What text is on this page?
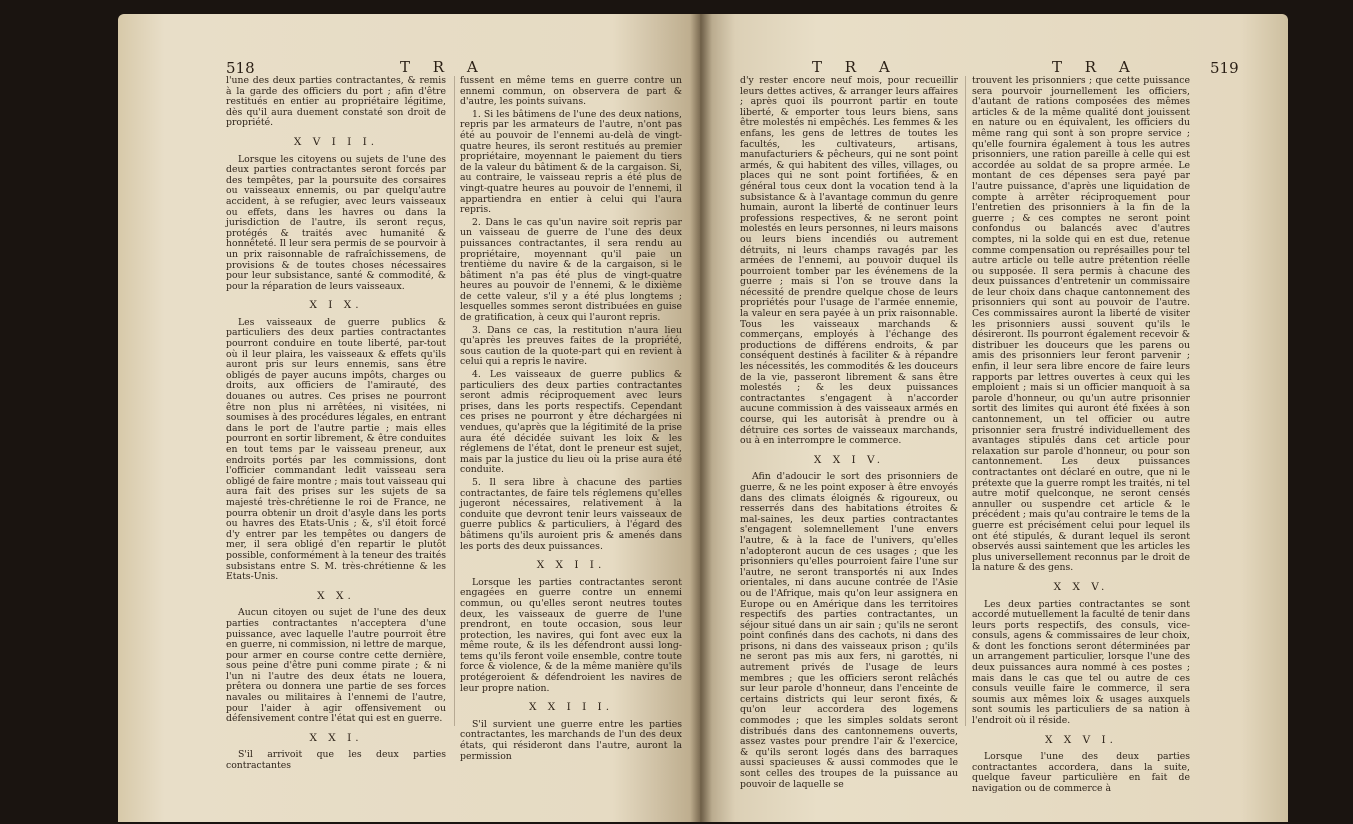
518	T R A

l'une des deux parties contractantes, & remis à la garde des officiers du port ; afin d'être restitués en entier au propriétaire légitime, dès qu'il aura duement constaté son droit de propriété.

X V I I I.

Lorsque les citoyens ou sujets de l'une des deux parties contractantes seront forcés par des tempêtes, par la poursuite des corsaires ou vaisseaux ennemis, ou par quelqu'autre accident, à se refugier, avec leurs vaisseaux ou effets, dans les havres ou dans la jurisdiction de l'autre, ils seront reçus, protégés & traités avec humanité & honnêteté. Il leur sera permis de se pourvoir à un prix raisonnable de rafraîchissemens, de provisions & de toutes choses nécessaires pour leur subsistance, santé & commodité, & pour la réparation de leurs vaisseaux.

X I X.

Les vaisseaux de guerre publics & particuliers des deux parties contractantes pourront conduire en toute liberté, par-tout où il leur plaira, les vaisseaux & effets qu'ils auront pris sur leurs ennemis, sans être obligés de payer aucuns impôts, charges ou droits, aux officiers de l'amirauté, des douanes ou autres. Ces prises ne pourront être non plus ni arrêtées, ni visitées, ni soumises à des procédures légales, en entrant dans le port de l'autre partie ; mais elles pourront en sortir librement, & être conduites en tout tems par le vaisseau preneur, aux endroits portés par les commissions, dont l'officier commandant ledit vaisseau sera obligé de faire montre ; mais tout vaisseau qui aura fait des prises sur les sujets de sa majesté très-chrétienne le roi de France, ne pourra obtenir un droit d'asyle dans les ports ou havres des Etats-Unis ; &, s'il étoit forcé d'y entrer par les tempêtes ou dangers de mer, il sera obligé d'en repartir le plutôt possible, conformément à la teneur des traités subsistans entre S. M. très-chrétienne & les Etats-Unis.

X X.

Aucun citoyen ou sujet de l'une des deux parties contractantes n'acceptera d'une puissance, avec laquelle l'autre pourroit être en guerre, ni commission, ni lettre de marque, pour armer en course contre cette dernière, sous peine d'être puni comme pirate ; & ni l'un ni l'autre des deux états ne louera, prêtera ou donnera une partie de ses forces navales ou militaires à l'ennemi de l'autre, pour l'aider à agir offensivement ou défensivement contre l'état qui est en guerre.

X X I.

S'il arrivoit que les deux parties contractantes

fussent en même tems en guerre contre un ennemi commun, on observera de part & d'autre, les points suivans.

1. Si les bâtimens de l'une des deux nations, repris par les armateurs de l'autre, n'ont pas été au pouvoir de l'ennemi au-delà de vingt-quatre heures, ils seront restitués au premier propriétaire, moyennant le paiement du tiers de la valeur du bâtiment & de la cargaison. Si, au contraire, le vaisseau repris a été plus de vingt-quatre heures au pouvoir de l'ennemi, il appartiendra en entier à celui qui l'aura repris.

2. Dans le cas qu'un navire soit repris par un vaisseau de guerre de l'une des deux puissances contractantes, il sera rendu au propriétaire, moyennant qu'il paie un trentième du navire & de la cargaison, si le bâtiment n'a pas été plus de vingt-quatre heures au pouvoir de l'ennemi, & le dixième de cette valeur, s'il y a été plus longtems ; lesquelles sommes seront distribuées en guise de gratification, à ceux qui l'auront repris.

3. Dans ce cas, la restitution n'aura lieu qu'après les preuves faites de la propriété, sous caution de la quote-part qui en revient à celui qui a repris le navire.

4. Les vaisseaux de guerre publics & particuliers des deux parties contractantes seront admis réciproquement avec leurs prises, dans les ports respectifs. Cependant ces prises ne pourront y être déchargées ni vendues, qu'après que la légitimité de la prise aura été décidée suivant les loix & les réglemens de l'état, dont le preneur est sujet, mais par la justice du lieu où la prise aura été conduite.

5. Il sera libre à chacune des parties contractantes, de faire tels réglemens qu'elles jugeront nécessaires, relativement à la conduite que devront tenir leurs vaisseaux de guerre publics & particuliers, à l'égard des bâtimens qu'ils auroient pris & amenés dans les ports des deux puissances.

X X I I.

Lorsque les parties contractantes seront engagées en guerre contre un ennemi commun, ou qu'elles seront neutres toutes deux, les vaisseaux de guerre de l'une prendront, en toute occasion, sous leur protection, les navires, qui font avec eux la même route, & ils les défendront aussi long-tems qu'ils feront voile ensemble, contre toute force & violence, & de la même manière qu'ils protégeroient & défendroient les navires de leur propre nation.

X X I I I.

S'il survient une guerre entre les parties contractantes, les marchands de l'un des deux états, qui résideront dans l'autre, auront la permission

T R A	T R A	519

d'y rester encore neuf mois, pour recueillir leurs dettes actives, & arranger leurs affaires ; après quoi ils pourront partir en toute liberté, & emporter tous leurs biens, sans être molestés ni empêchés. Les femmes & les enfans, les gens de lettres de toutes les facultés, les cultivateurs, artisans, manufacturiers & pêcheurs, qui ne sont point armés, & qui habitent des villes, villages, ou places qui ne sont point fortifiées, & en général tous ceux dont la vocation tend à la subsistance & à l'avantage commun du genre humain, auront la liberté de continuer leurs professions respectives, & ne seront point molestés en leurs personnes, ni leurs maisons ou leurs biens incendiés ou autrement détruits, ni leurs champs ravagés par les armées de l'ennemi, au pouvoir duquel ils pourroient tomber par les événemens de la guerre ; mais si l'on se trouve dans la nécessité de prendre quelque chose de leurs propriétés pour l'usage de l'armée ennemie, la valeur en sera payée à un prix raisonnable. Tous les vaisseaux marchands & commerçans, employés à l'échange des productions de différens endroits, & par conséquent destinés à faciliter & à répandre les nécessités, les commodités & les douceurs de la vie, passeront librement & sans être molestés ; & les deux puissances contractantes s'engagent à n'accorder aucune commission à des vaisseaux armés en course, qui les autorisât à prendre ou à détruire ces sortes de vaisseaux marchands, ou à en interrompre le commerce.

X X I V.

Afin d'adoucir le sort des prisonniers de guerre, & ne les point exposer à être envoyés dans des climats éloignés & rigoureux, ou resserrés dans des habitations étroites & mal-saines, les deux parties contractantes s'engagent solemnellement l'une envers l'autre, & à la face de l'univers, qu'elles n'adopteront aucun de ces usages ; que les prisonniers qu'elles pourroient faire l'une sur l'autre, ne seront transportés ni aux Indes orientales, ni dans aucune contrée de l'Asie ou de l'Afrique, mais qu'on leur assignera en Europe ou en Amérique dans les territoires respectifs des parties contractantes, un séjour situé dans un air sain ; qu'ils ne seront point confinés dans des cachots, ni dans des prisons, ni dans des vaisseaux prison ; qu'ils ne seront pas mis aux fers, ni garottés, ni autrement privés de l'usage de leurs membres ; que les officiers seront relâchés sur leur parole d'honneur, dans l'enceinte de certains districts qui leur seront fixés, & qu'on leur accordera des logemens commodes ; que les simples soldats seront distribués dans des cantonnemens ouverts, assez vastes pour prendre l'air & l'exercice, & qu'ils seront logés dans des barraques aussi spacieuses & aussi commodes que le sont celles des troupes de la puissance au pouvoir de laquelle se

trouvent les prisonniers ; que cette puissance sera pourvoir journellement les officiers, d'autant de rations composées des mêmes articles & de la même qualité dont jouissent en nature ou en équivalent, les officiers du même rang qui sont à son propre service ; qu'elle fournira également à tous les autres prisonniers, une ration pareille à celle qui est accordée au soldat de sa propre armée. Le montant de ces dépenses sera payé par l'autre puissance, d'après une liquidation de compte à arrêter réciproquement pour l'entretien des prisonniers à la fin de la guerre ; & ces comptes ne seront point confondus ou balancés avec d'autres comptes, ni la solde qui en est due, retenue comme compensation ou représailles pour tel autre article ou telle autre prétention réelle ou supposée. Il sera permis à chacune des deux puissances d'entretenir un commissaire de leur choix dans chaque cantonnement des prisonniers qui sont au pouvoir de l'autre. Ces commissaires auront la liberté de visiter les prisonniers aussi souvent qu'ils le désireront. Ils pourront également recevoir & distribuer les douceurs que les parens ou amis des prisonniers leur feront parvenir ; enfin, il leur sera libre encore de faire leurs rapports par lettres ouvertes à ceux qui les emploient ; mais si un officier manquoit à sa parole d'honneur, ou qu'un autre prisonnier sortit des limites qui auront été fixées à son cantonnement, un tel officier ou autre prisonnier sera frustré individuellement des avantages stipulés dans cet article pour relaxation sur parole d'honneur, ou pour son cantonnement. Les deux puissances contractantes ont déclaré en outre, que ni le prétexte que la guerre rompt les traités, ni tel autre motif quelconque, ne seront censés annuller ou suspendre cet article & le précédent ; mais qu'au contraire le tems de la guerre est précisément celui pour lequel ils ont été stipulés, & durant lequel ils seront observés aussi saintement que les articles les plus universellement reconnus par le droit de la nature & des gens.

X X V.

Les deux parties contractantes se sont accordé mutuellement la faculté de tenir dans leurs ports respectifs, des consuls, vice-consuls, agens & commissaires de leur choix, & dont les fonctions seront déterminées par un arrangement particulier, lorsque l'une des deux puissances aura nommé à ces postes ; mais dans le cas que tel ou autre de ces consuls veuille faire le commerce, il sera soumis aux mêmes loix & usages auxquels sont soumis les particuliers de sa nation à l'endroit où il réside.

X X V I.

Lorsque l'une des deux parties contractantes accordera, dans la suite, quelque faveur particulière en fait de navigation ou de commerce à
